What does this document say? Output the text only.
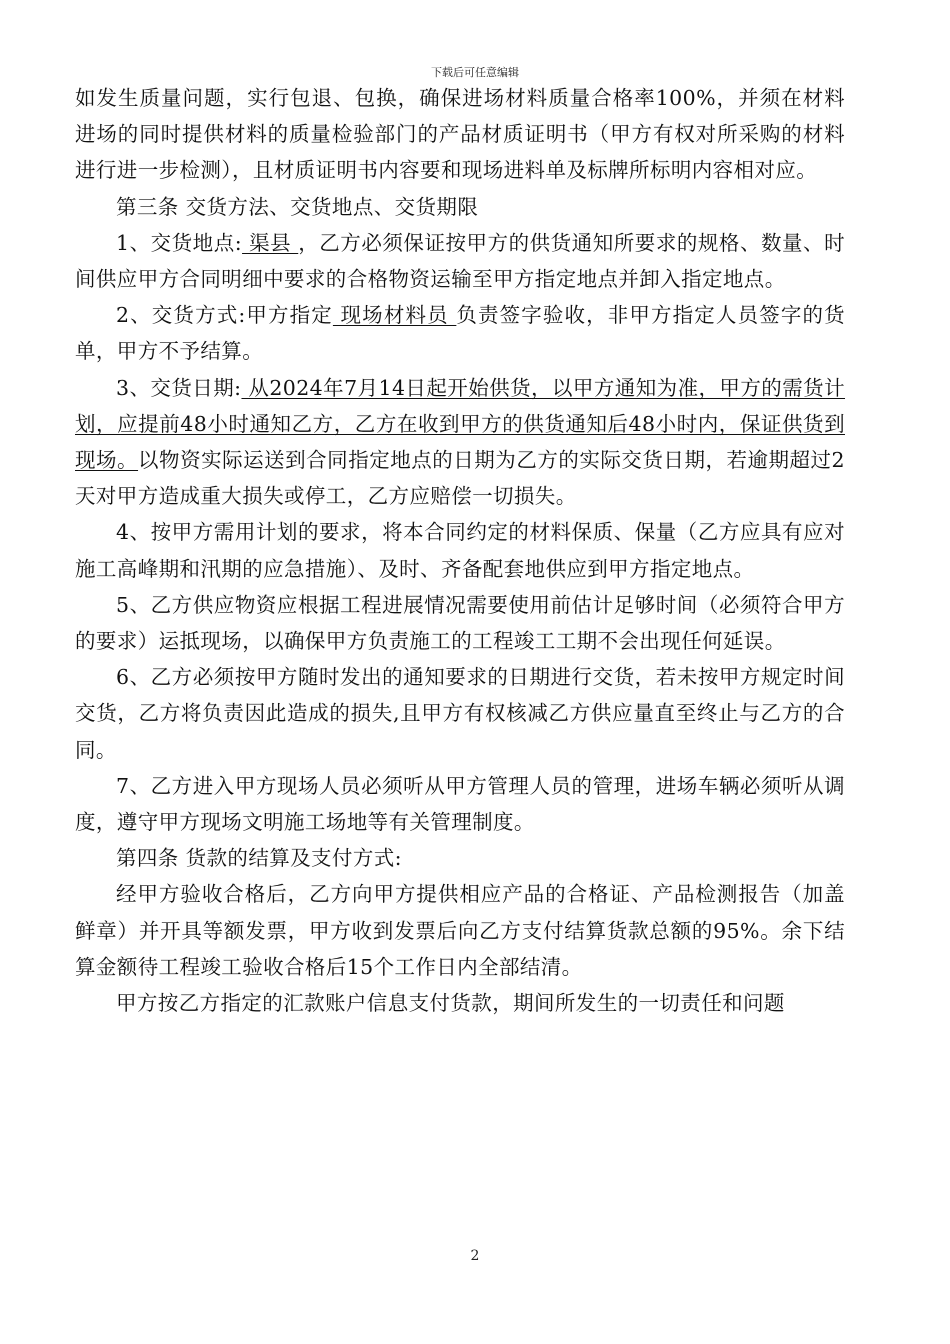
下载后可任意编辑

如发生质量问题，实行包退、包换，确保进场材料质量合格率100%，并须在材料进场的同时提供材料的质量检验部门的产品材质证明书（甲方有权对所采购的材料进行进一步检测），且材质证明书内容要和现场进料单及标牌所标明内容相对应。

第三条 交货方法、交货地点、交货期限

1、交货地点: 渠县 ，乙方必须保证按甲方的供货通知所要求的规格、数量、时间供应甲方合同明细中要求的合格物资运输至甲方指定地点并卸入指定地点。

2、交货方式:甲方指定 现场材料员 负责签字验收，非甲方指定人员签字的货单，甲方不予结算。

3、交货日期: 从2024年7月14日起开始供货，以甲方通知为准，甲方的需货计划，应提前48小时通知乙方，乙方在收到甲方的供货通知后48小时内，保证供货到现场。以物资实际运送到合同指定地点的日期为乙方的实际交货日期，若逾期超过2天对甲方造成重大损失或停工，乙方应赔偿一切损失。

4、按甲方需用计划的要求，将本合同约定的材料保质、保量（乙方应具有应对施工高峰期和汛期的应急措施）、及时、齐备配套地供应到甲方指定地点。

5、乙方供应物资应根据工程进展情况需要使用前估计足够时间（必须符合甲方的要求）运抵现场，以确保甲方负责施工的工程竣工工期不会出现任何延误。

6、乙方必须按甲方随时发出的通知要求的日期进行交货，若未按甲方规定时间交货，乙方将负责因此造成的损失,且甲方有权核减乙方供应量直至终止与乙方的合同。

7、乙方进入甲方现场人员必须听从甲方管理人员的管理，进场车辆必须听从调度，遵守甲方现场文明施工场地等有关管理制度。

第四条 货款的结算及支付方式:

经甲方验收合格后，乙方向甲方提供相应产品的合格证、产品检测报告（加盖鲜章）并开具等额发票，甲方收到发票后向乙方支付结算货款总额的95%。余下结算金额待工程竣工验收合格后15个工作日内全部结清。

甲方按乙方指定的汇款账户信息支付货款，期间所发生的一切责任和问题

2
